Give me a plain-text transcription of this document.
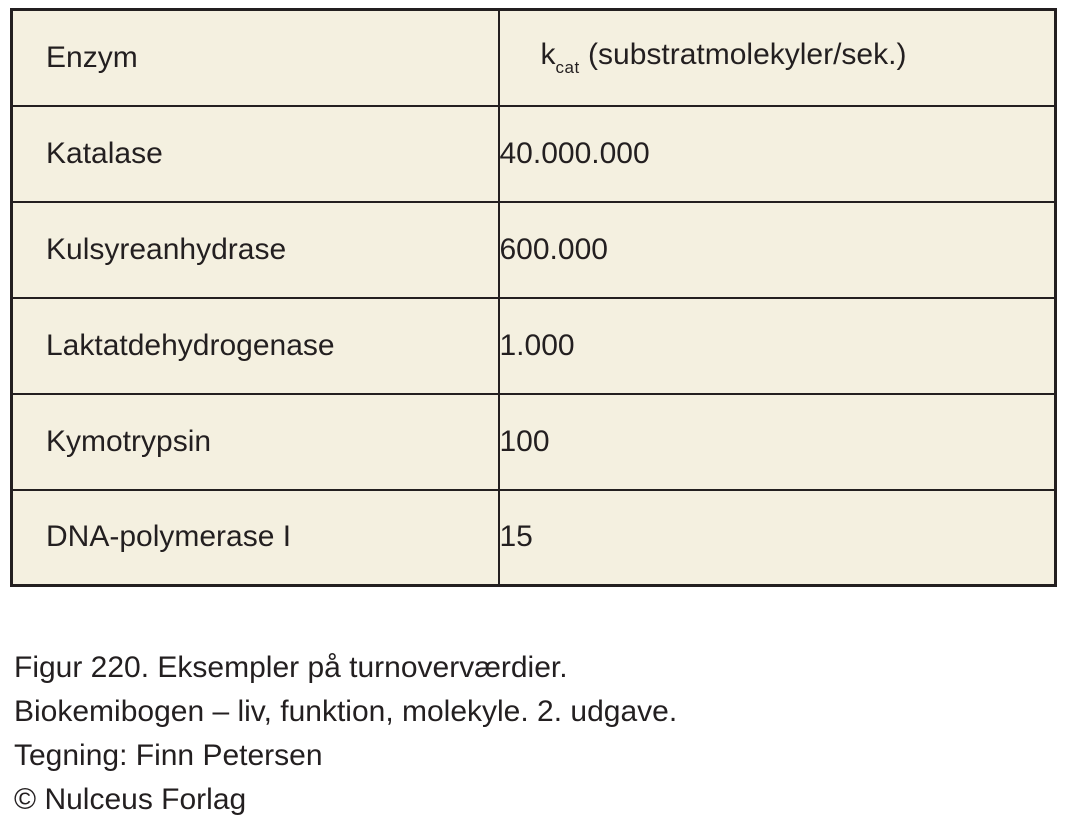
Enzym	$k_{cat}$ (substratmolekyler/sek.)
Katalase	40.000.000
Kulsyreanhydrase	600.000
Laktatdehydrogenase	1.000
Kymotrypsin	100
DNA-polymerase I	15
Figur 220. Eksempler på turnoverværdier.
Biokemibogen – liv, funktion, molekyle. 2. udgave.
Tegning: Finn Petersen
© Nulceus Forlag
